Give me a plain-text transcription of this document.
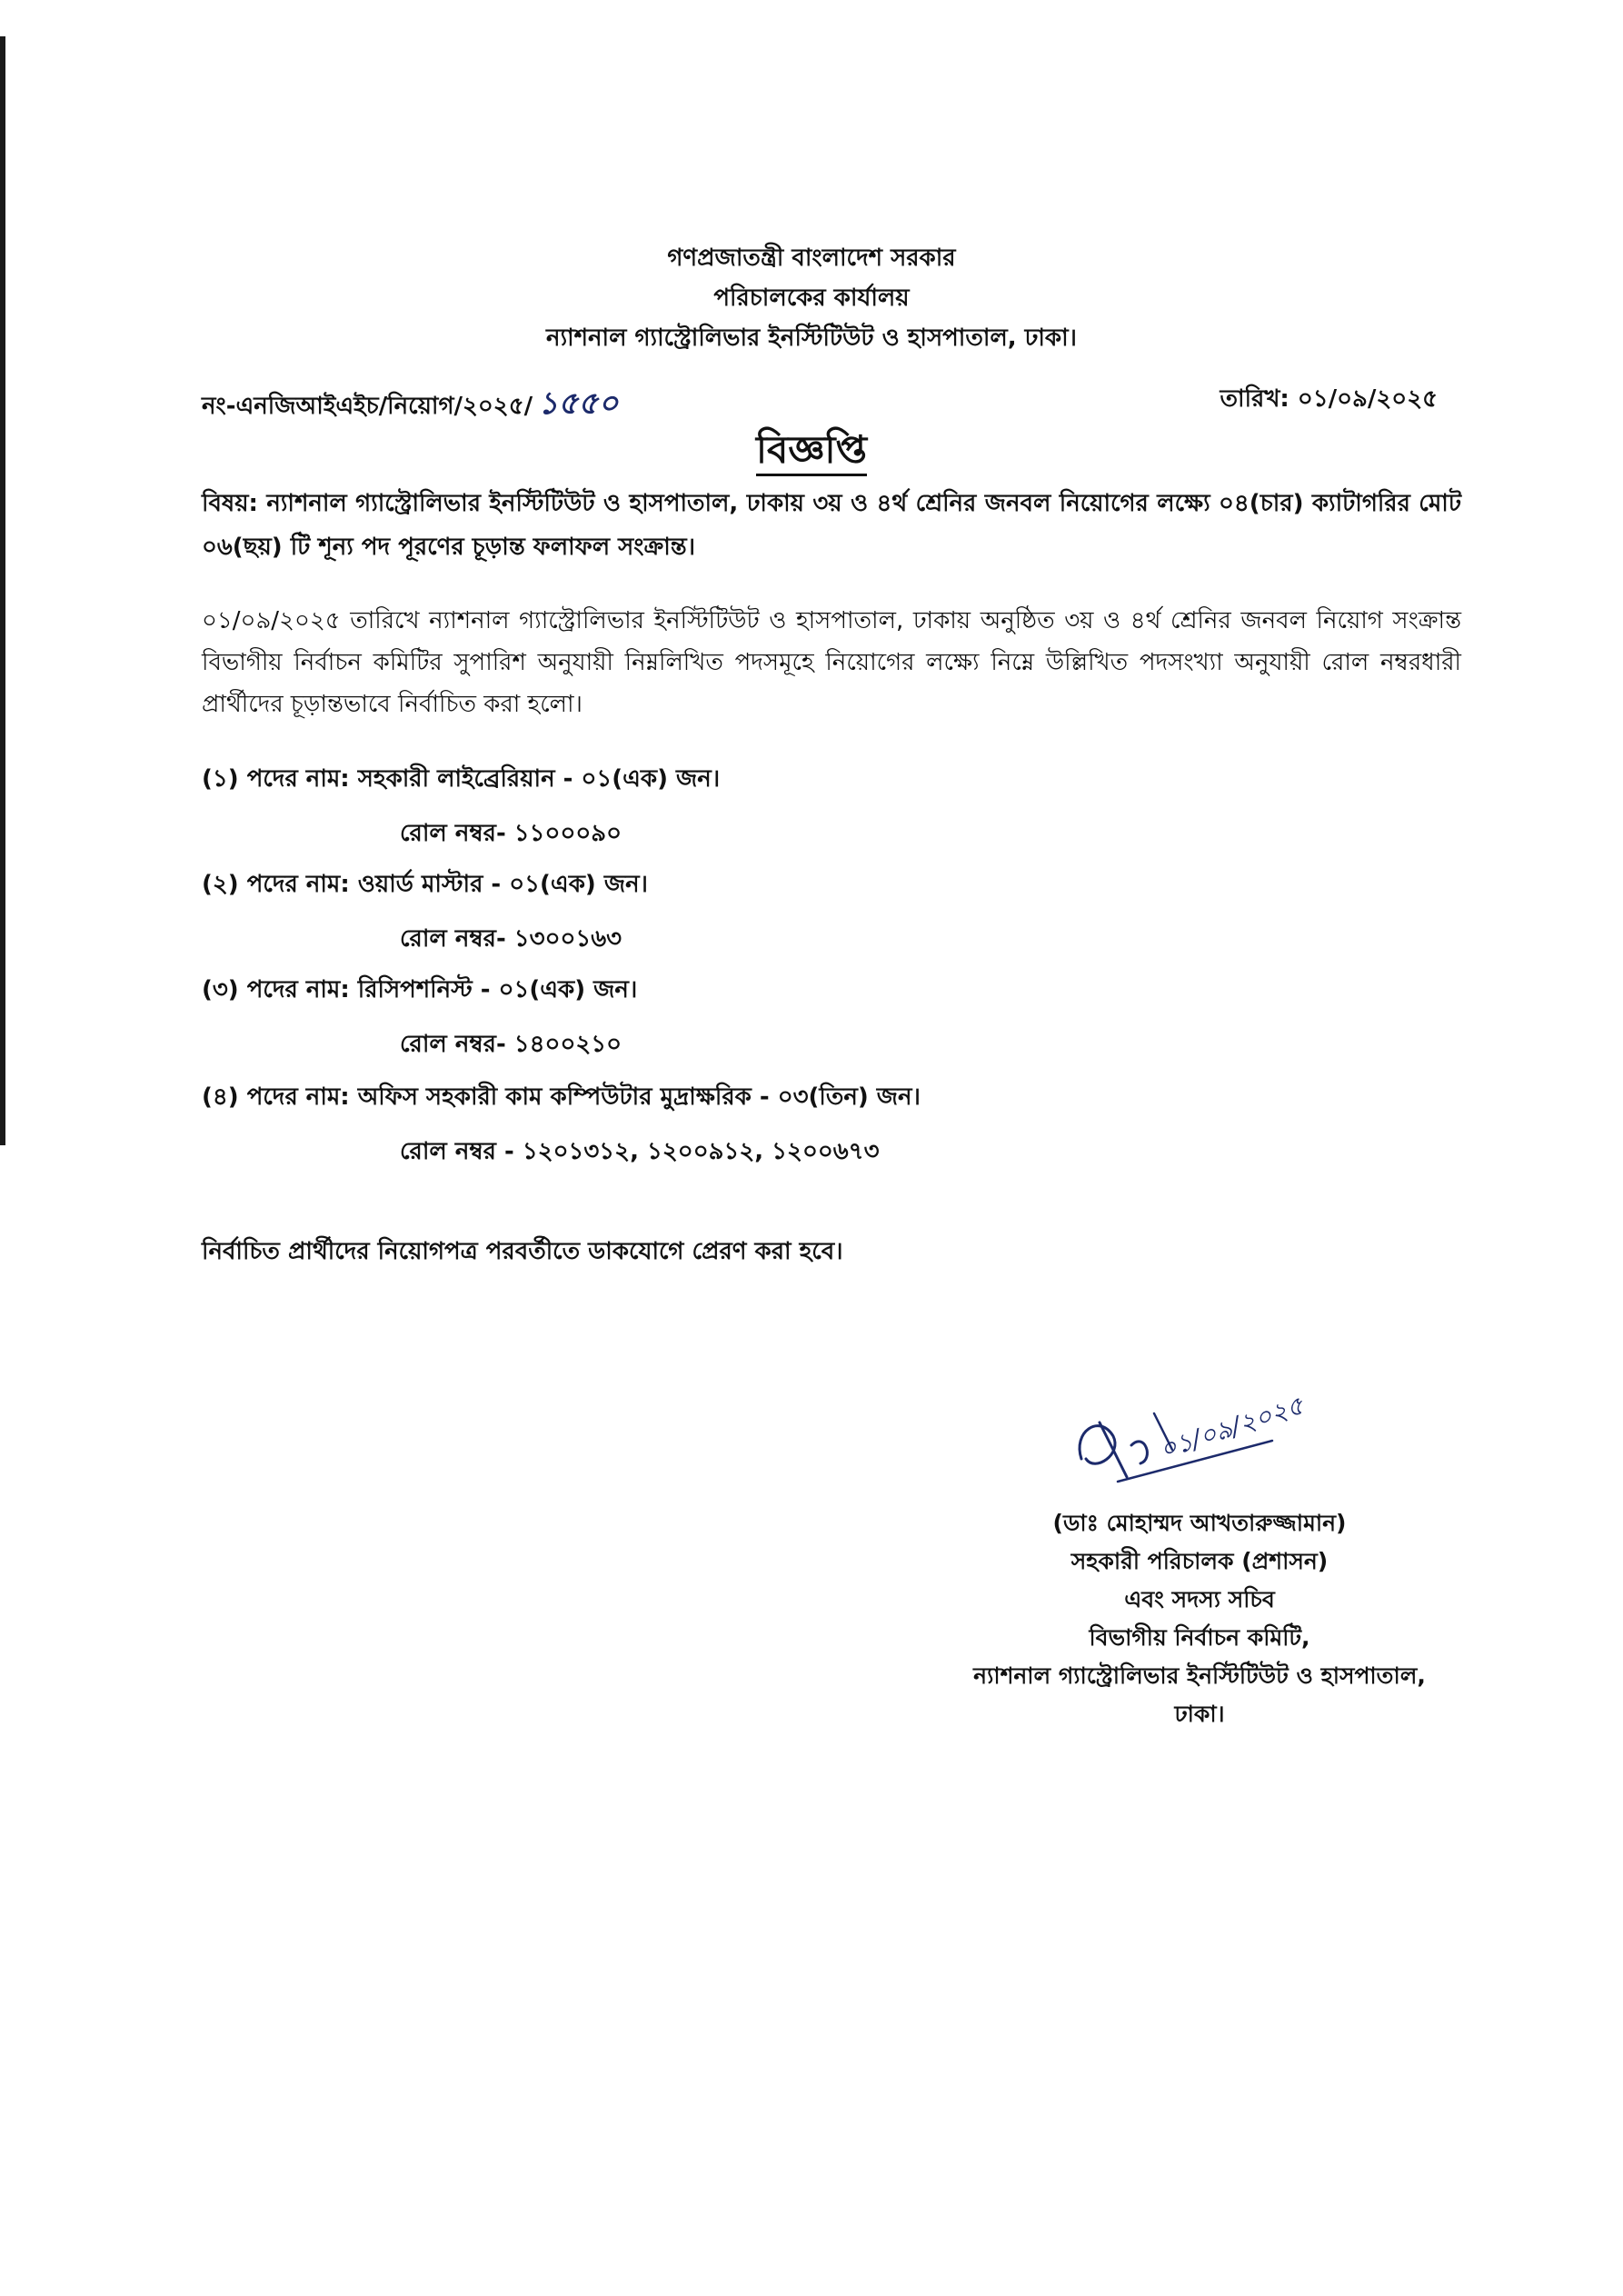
গণপ্রজাতন্ত্রী বাংলাদেশ সরকার
পরিচালকের কার্যালয়
ন্যাশনাল গ্যাস্ট্রোলিভার ইনস্টিটিউট ও হাসপাতাল, ঢাকা।
নং-এনজিআইএইচ/নিয়োগ/২০২৫/ ১৫৫০	তারিখ: ০১/০৯/২০২৫
বিজ্ঞপ্তি
বিষয়: ন্যাশনাল গ্যাস্ট্রোলিভার ইনস্টিটিউট ও হাসপাতাল, ঢাকায় ৩য় ও ৪র্থ শ্রেনির জনবল নিয়োগের লক্ষ্যে ০৪(চার) ক্যাটাগরির মোট ০৬(ছয়) টি শূন্য পদ পূরণের চূড়ান্ত ফলাফল সংক্রান্ত।
০১/০৯/২০২৫ তারিখে ন্যাশনাল গ্যাস্ট্রোলিভার ইনস্টিটিউট ও হাসপাতাল, ঢাকায় অনুষ্ঠিত ৩য় ও ৪র্থ শ্রেনির জনবল নিয়োগ সংক্রান্ত বিভাগীয় নির্বাচন কমিটির সুপারিশ অনুযায়ী নিম্নলিখিত পদসমূহে নিয়োগের লক্ষ্যে নিম্নে উল্লিখিত পদসংখ্যা অনুযায়ী রোল নম্বরধারী প্রার্থীদের চূড়ান্তভাবে নির্বাচিত করা হলো।
(১) পদের নাম: সহকারী লাইব্রেরিয়ান - ০১(এক) জন।
রোল নম্বর- ১১০০০৯০
(২) পদের নাম: ওয়ার্ড মাস্টার - ০১(এক) জন।
রোল নম্বর- ১৩০০১৬৩
(৩) পদের নাম: রিসিপশনিস্ট - ০১(এক) জন।
রোল নম্বর- ১৪০০২১০
(৪) পদের নাম: অফিস সহকারী কাম কম্পিউটার মুদ্রাক্ষরিক - ০৩(তিন) জন।
রোল নম্বর - ১২০১৩১২, ১২০০৯১২, ১২০০৬৭৩
নির্বাচিত প্রার্থীদের নিয়োগপত্র পরবর্তীতে ডাকযোগে প্রেরণ করা হবে।
০১/০৯/২০২৫
(ডাঃ মোহাম্মদ আখতারুজ্জামান)
সহকারী পরিচালক (প্রশাসন)
এবং সদস্য সচিব
বিভাগীয় নির্বাচন কমিটি,
ন্যাশনাল গ্যাস্ট্রোলিভার ইনস্টিটিউট ও হাসপাতাল,
ঢাকা।
